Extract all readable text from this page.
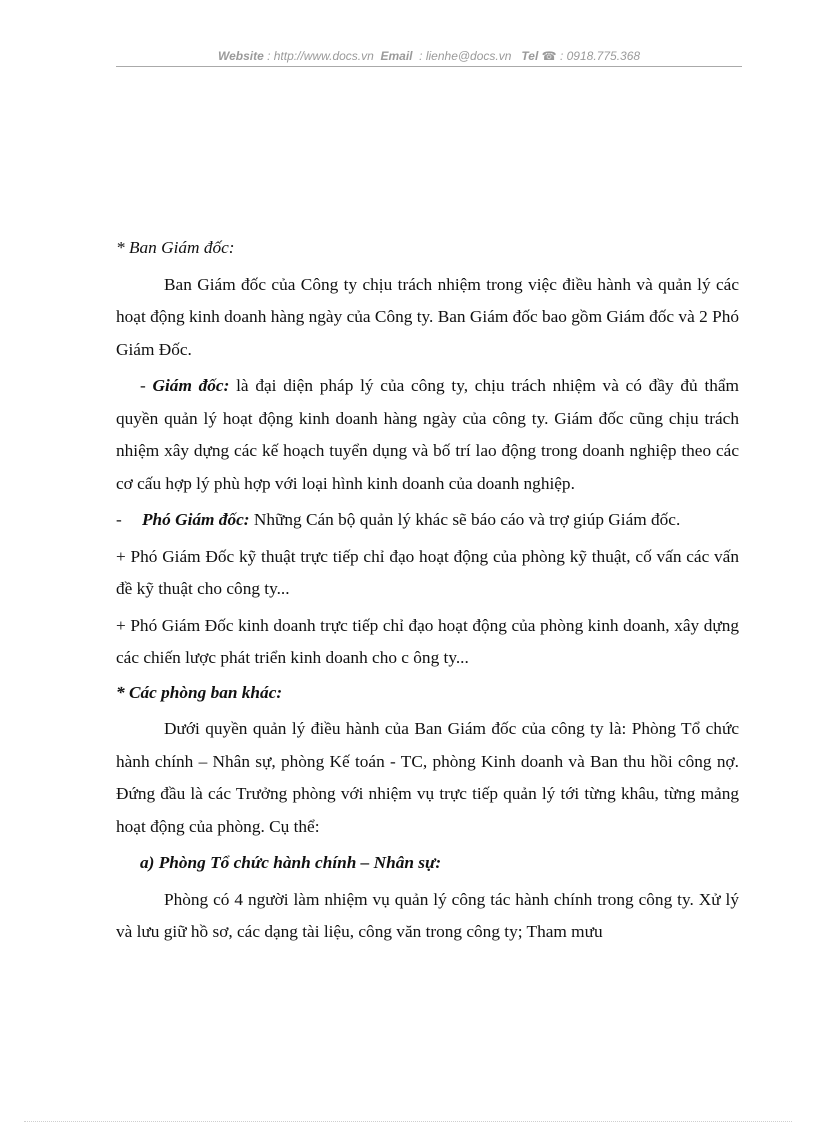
Website : http://www.docs.vn Email : lienhe@docs.vn Tel ☎ : 0918.775.368
* Ban Giám đốc:
Ban Giám đốc của Công ty chịu trách nhiệm trong việc điều hành và quản lý các hoạt động kinh doanh hàng ngày của Công ty. Ban Giám đốc bao gồm Giám đốc và 2 Phó Giám Đốc.
- Giám đốc: là đại diện pháp lý của công ty, chịu trách nhiệm và có đầy đủ thẩm quyền quản lý hoạt động kinh doanh hàng ngày của công ty. Giám đốc cũng chịu trách nhiệm xây dựng các kế hoạch tuyển dụng và bố trí lao động trong doanh nghiệp theo các cơ cấu hợp lý phù hợp với loại hình kinh doanh của doanh nghiệp.
-	Phó Giám đốc: Những Cán bộ quản lý khác sẽ báo cáo và trợ giúp Giám đốc.
+ Phó Giám Đốc kỹ thuật trực tiếp chỉ đạo hoạt động của phòng kỹ thuật, cố vấn các vấn đề kỹ thuật cho công ty...
+ Phó Giám Đốc kinh doanh trực tiếp chỉ đạo hoạt động của phòng kinh doanh, xây dựng các chiến lược phát triển kinh doanh cho c ông ty...
* Các phòng ban khác:
Dưới quyền quản lý điều hành của Ban Giám đốc của công ty là: Phòng Tổ chức hành chính – Nhân sự, phòng Kế toán - TC, phòng Kinh doanh và Ban thu hồi công nợ. Đứng đầu là các Trưởng phòng với nhiệm vụ trực tiếp quản lý tới từng khâu, từng mảng hoạt động của phòng. Cụ thể:
a) Phòng Tổ chức hành chính – Nhân sự:
Phòng có 4 người làm nhiệm vụ quản lý công tác hành chính trong công ty. Xử lý và lưu giữ hồ sơ, các dạng tài liệu, công văn trong công ty; Tham mưu
